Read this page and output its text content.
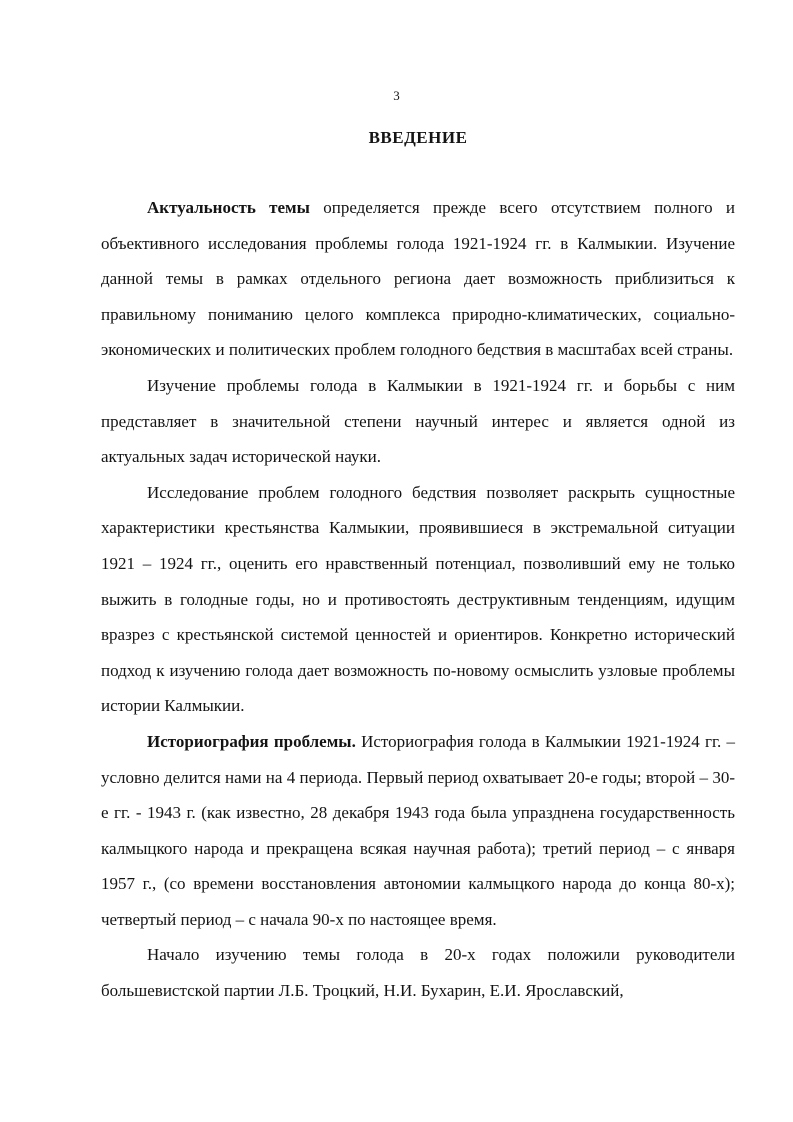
3
ВВЕДЕНИЕ

Актуальность темы определяется прежде всего отсутствием полного и объективного исследования проблемы голода 1921-1924 гг. в Калмыкии. Изучение данной темы в рамках отдельного региона дает возможность приблизиться к правильному пониманию целого комплекса природно-климатических, социально-экономических и политических проблем голодного бедствия в масштабах всей страны.

Изучение проблемы голода в Калмыкии в 1921-1924 гг. и борьбы с ним представляет в значительной степени научный интерес и является одной из актуальных задач исторической науки.

Исследование проблем голодного бедствия позволяет раскрыть сущностные характеристики крестьянства Калмыкии, проявившиеся в экстремальной ситуации 1921 – 1924 гг., оценить его нравственный потенциал, позволивший ему не только выжить в голодные годы, но и противостоять деструктивным тенденциям, идущим вразрез с крестьянской системой ценностей и ориентиров. Конкретно исторический подход к изучению голода дает возможность по-новому осмыслить узловые проблемы истории Калмыкии.

Историография проблемы. Историография голода в Калмыкии 1921-1924 гг. – условно делится нами на 4 периода. Первый период охватывает 20-е годы; второй – 30-е гг. - 1943 г. (как известно, 28 декабря 1943 года была упразднена государственность калмыцкого народа и прекращена всякая научная работа); третий период – с января 1957 г., (со времени восстановления автономии калмыцкого народа до конца 80-х); четвертый период – с начала 90-х по настоящее время.

Начало изучению темы голода в 20-х годах положили руководители большевистской партии Л.Б. Троцкий, Н.И. Бухарин, Е.И. Ярославский,
